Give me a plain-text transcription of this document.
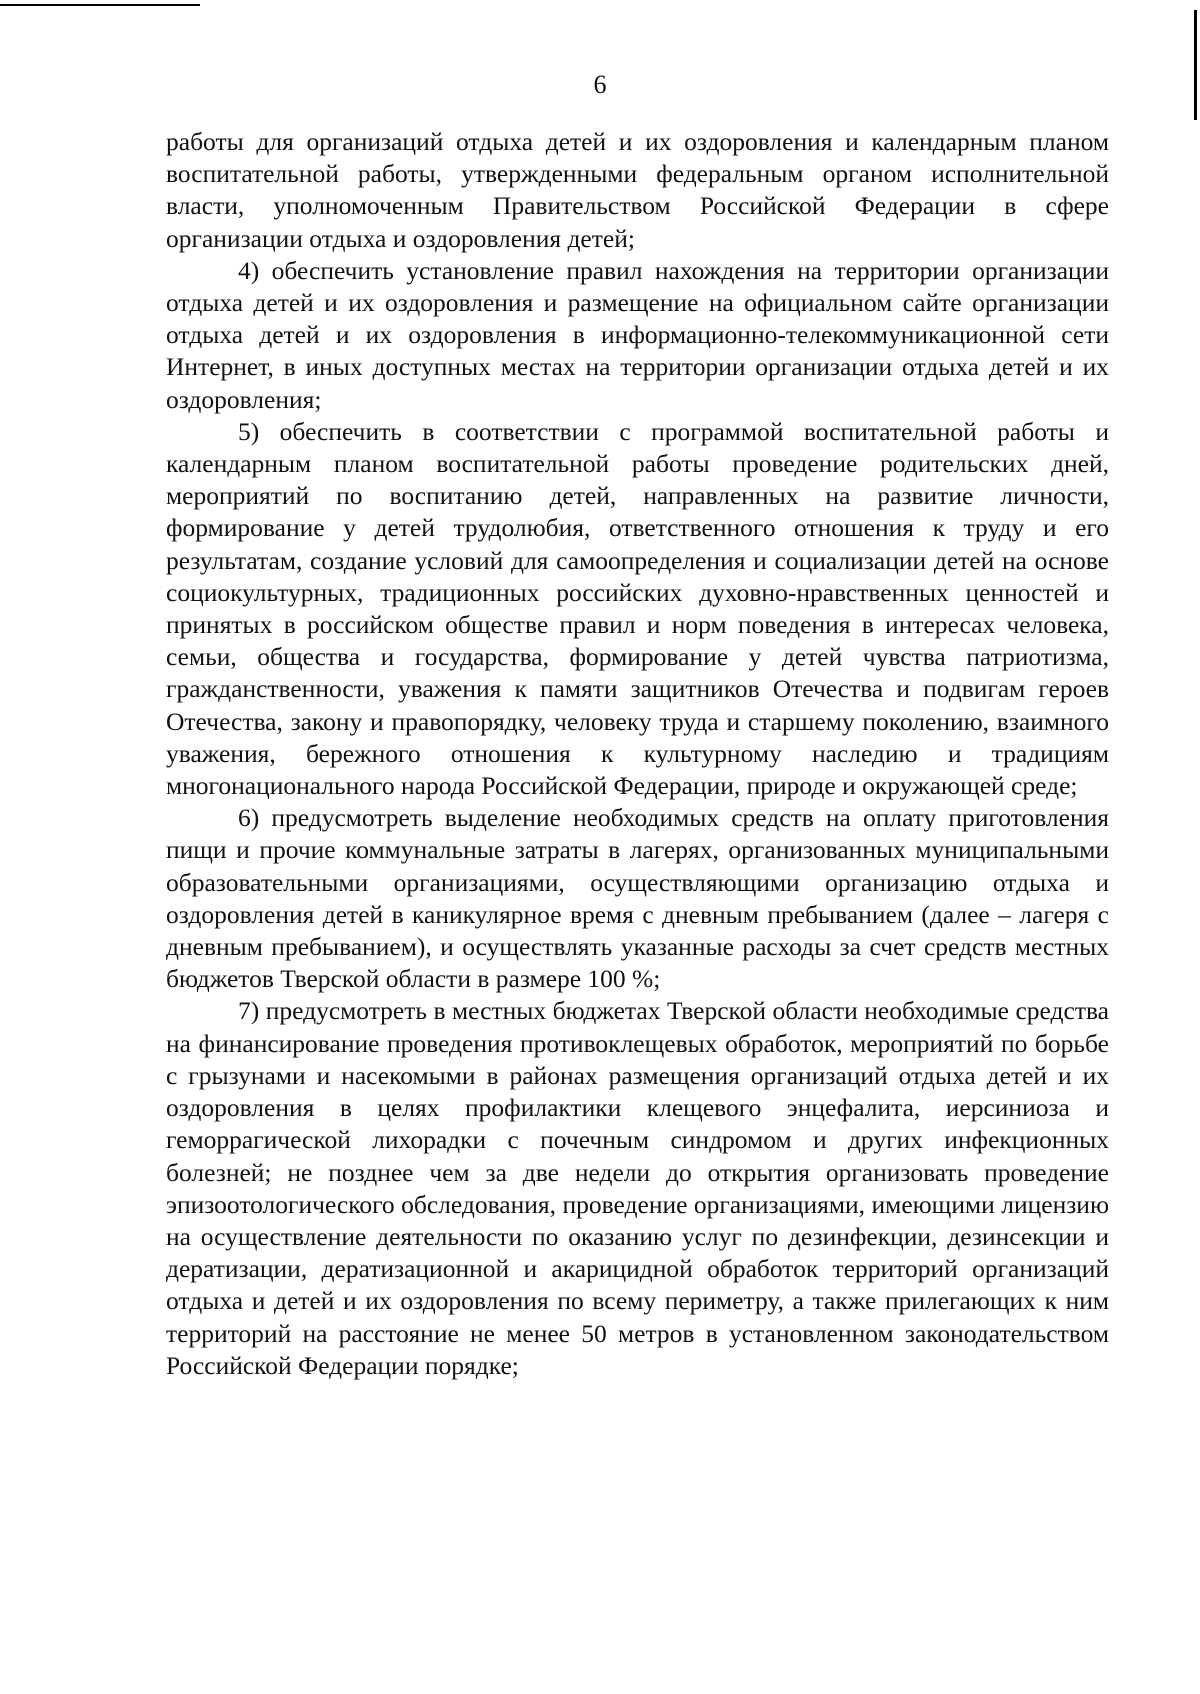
6

работы для организаций отдыха детей и их оздоровления и календарным планом воспитательной работы, утвержденными федеральным органом исполнительной власти, уполномоченным Правительством Российской Федерации в сфере организации отдыха и оздоровления детей;

4) обеспечить установление правил нахождения на территории организации отдыха детей и их оздоровления и размещение на официальном сайте организации отдыха детей и их оздоровления в информационно-телекоммуникационной сети Интернет, в иных доступных местах на территории организации отдыха детей и их оздоровления;

5) обеспечить в соответствии с программой воспитательной работы и календарным планом воспитательной работы проведение родительских дней, мероприятий по воспитанию детей, направленных на развитие личности, формирование у детей трудолюбия, ответственного отношения к труду и его результатам, создание условий для самоопределения и социализации детей на основе социокультурных, традиционных российских духовно-нравственных ценностей и принятых в российском обществе правил и норм поведения в интересах человека, семьи, общества и государства, формирование у детей чувства патриотизма, гражданственности, уважения к памяти защитников Отечества и подвигам героев Отечества, закону и правопорядку, человеку труда и старшему поколению, взаимного уважения, бережного отношения к культурному наследию и традициям многонационального народа Российской Федерации, природе и окружающей среде;

6) предусмотреть выделение необходимых средств на оплату приготовления пищи и прочие коммунальные затраты в лагерях, организованных муниципальными образовательными организациями, осуществляющими организацию отдыха и оздоровления детей в каникулярное время с дневным пребыванием (далее – лагеря с дневным пребыванием), и осуществлять указанные расходы за счет средств местных бюджетов Тверской области в размере 100 %;

7) предусмотреть в местных бюджетах Тверской области необходимые средства на финансирование проведения противоклещевых обработок, мероприятий по борьбе с грызунами и насекомыми в районах размещения организаций отдыха детей и их оздоровления в целях профилактики клещевого энцефалита, иерсиниоза и геморрагической лихорадки с почечным синдромом и других инфекционных болезней; не позднее чем за две недели до открытия организовать проведение эпизоотологического обследования, проведение организациями, имеющими лицензию на осуществление деятельности по оказанию услуг по дезинфекции, дезинсекции и дератизации, дератизационной и акарицидной обработок территорий организаций отдыха и детей и их оздоровления по всему периметру, а также прилегающих к ним территорий на расстояние не менее 50 метров в установленном законодательством Российской Федерации порядке;
